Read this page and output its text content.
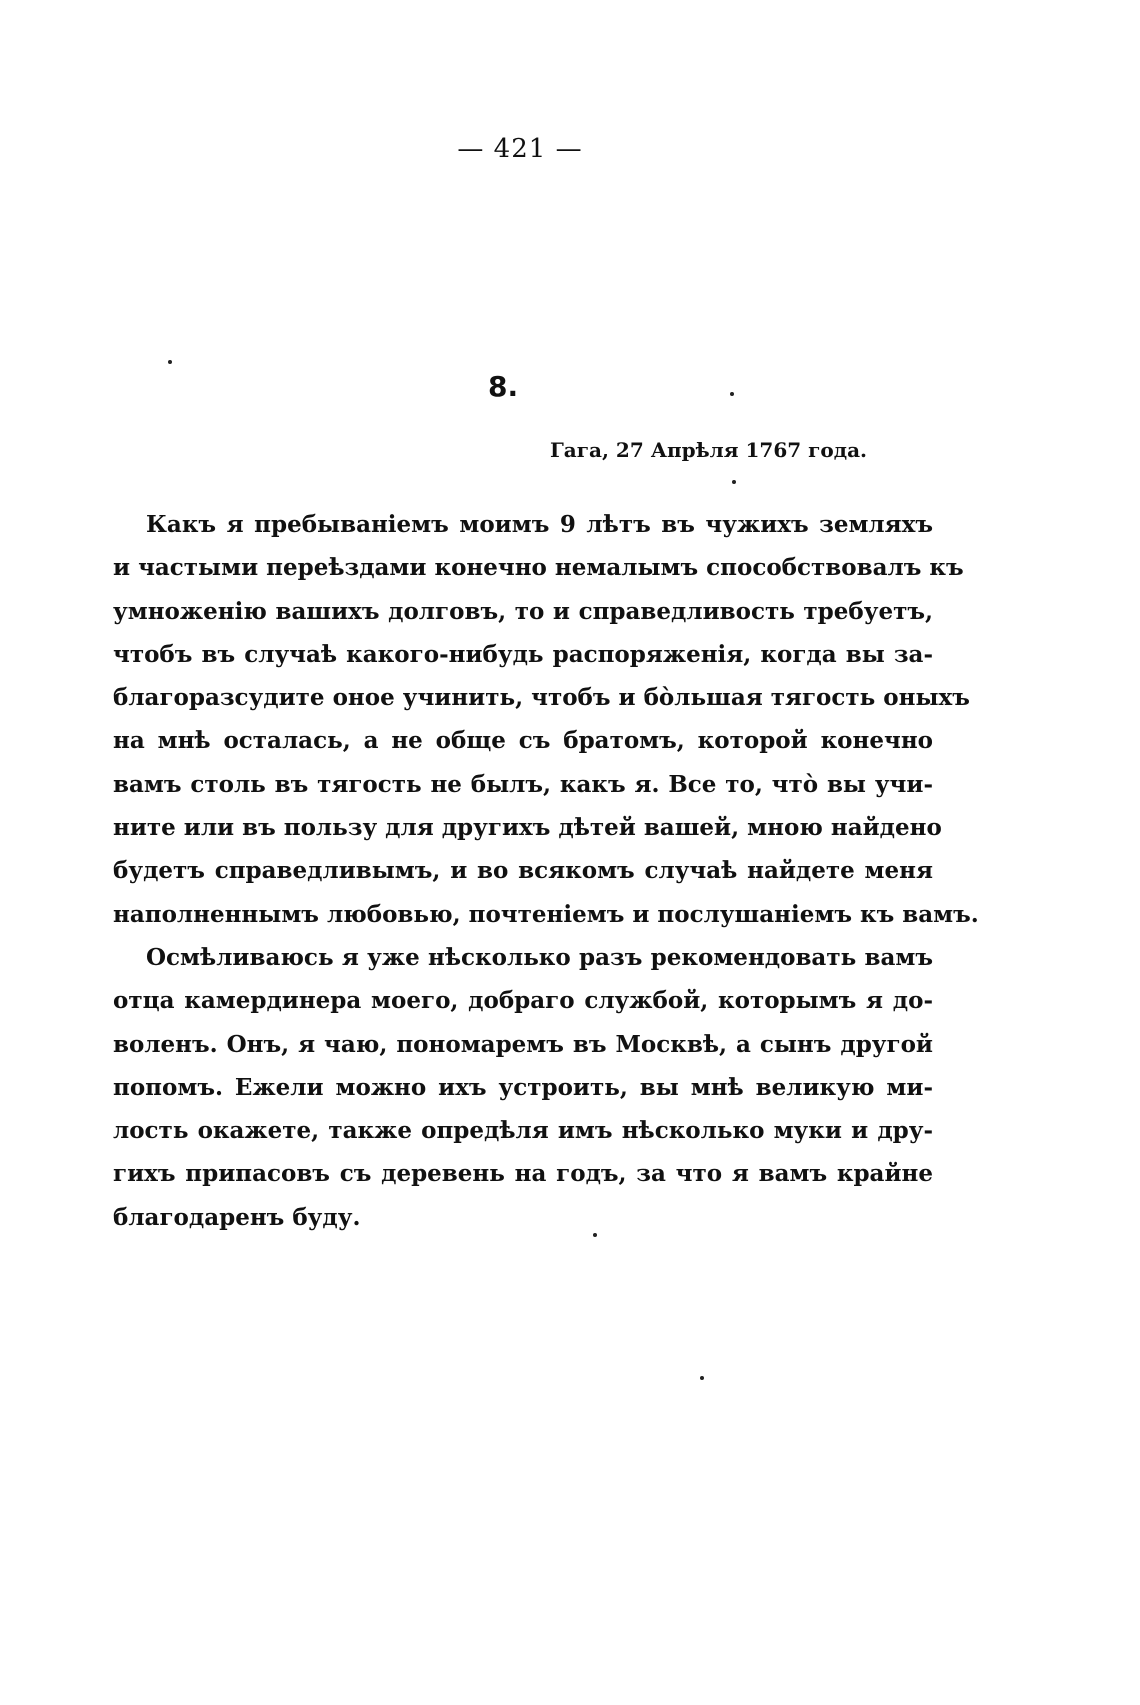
— 421 —
8.
Гага, 27 Апрѣля 1767 года.
Какъ я пребываніемъ моимъ 9 лѣтъ въ чужихъ земляхъ
и частыми переѣздами конечно немалымъ способствовалъ къ
умноженію вашихъ долговъ, то и справедливость требуетъ,
чтобъ въ случаѣ какого-нибудь распоряженія, когда вы за-
благоразсудите оное учинить, чтобъ и бо̀льшая тягость оныхъ
на мнѣ осталась, а не обще съ братомъ, которой конечно
вамъ столь въ тягость не былъ, какъ я. Все то, что̀ вы учи-
ните или въ пользу для другихъ дѣтей вашей, мною найдено
будетъ справедливымъ, и во всякомъ случаѣ найдете меня
наполненнымъ любовью, почтеніемъ и послушаніемъ къ вамъ.
Осмѣливаюсь я уже нѣсколько разъ рекомендовать вамъ
отца камердинера моего, добраго службой, которымъ я до-
воленъ. Онъ, я чаю, пономаремъ въ Москвѣ, а сынъ другой
попомъ. Ежели можно ихъ устроить, вы мнѣ великую ми-
лость окажете, также опредѣля имъ нѣсколько муки и дру-
гихъ припасовъ съ деревень на годъ, за что я вамъ крайне
благодаренъ буду.
